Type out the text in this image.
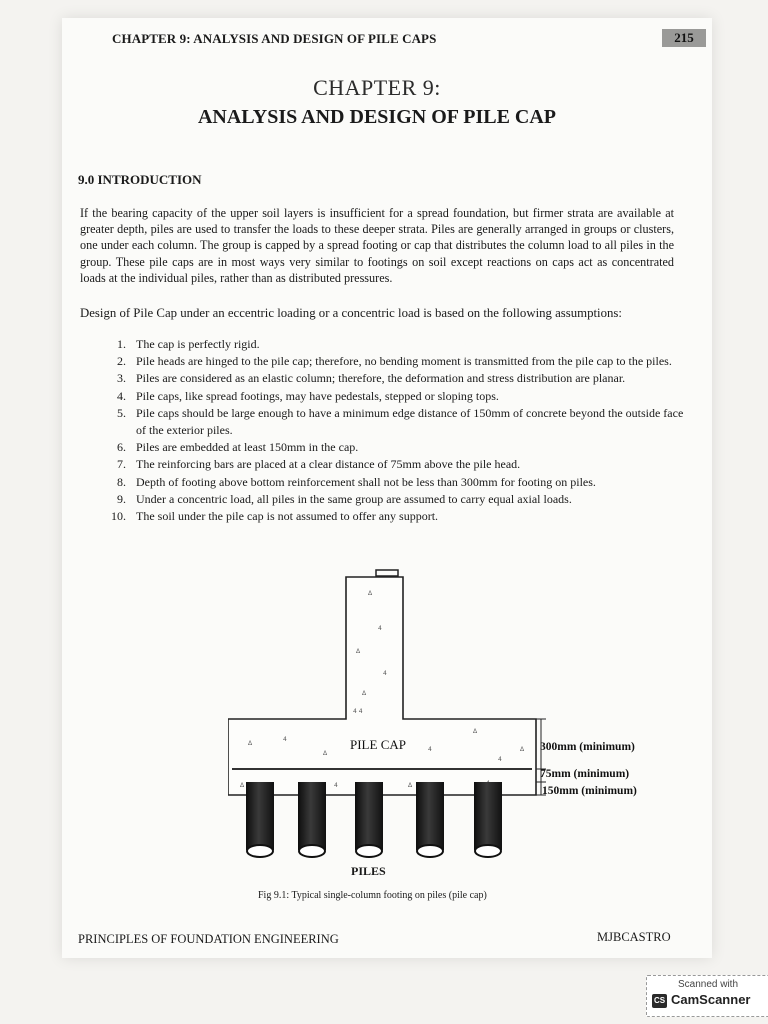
CHAPTER 9: ANALYSIS AND DESIGN OF PILE CAPS	215
CHAPTER 9:
ANALYSIS AND DESIGN OF PILE CAP
9.0 INTRODUCTION

If the bearing capacity of the upper soil layers is insufficient for a spread foundation, but firmer strata are available at greater depth, piles are used to transfer the loads to these deeper strata. Piles are generally arranged in groups or clusters, one under each column. The group is capped by a spread footing or cap that distributes the column load to all piles in the group. These pile caps are in most ways very similar to footings on soil except reactions on caps act as concentrated loads at the individual piles, rather than as distributed pressures.

Design of Pile Cap under an eccentric loading or a concentric load is based on the following assumptions:

1. The cap is perfectly rigid.
2. Pile heads are hinged to the pile cap; therefore, no bending moment is transmitted from the pile cap to the piles.
3. Piles are considered as an elastic column; therefore, the deformation and stress distribution are planar.
4. Pile caps, like spread footings, may have pedestals, stepped or sloping tops.
5. Pile caps should be large enough to have a minimum edge distance of 150mm of concrete beyond the outside face of the exterior piles.
6. Piles are embedded at least 150mm in the cap.
7. The reinforcing bars are placed at a clear distance of 75mm above the pile head.
8. Depth of footing above bottom reinforcement shall not be less than 300mm for footing on piles.
9. Under a concentric load, all piles in the same group are assumed to carry equal axial loads.
10. The soil under the pile cap is not assumed to offer any support.
Δ
4
Δ
4
Δ
4 4
Δ
4
Δ
4
Δ
4
Δ	4	Δ
Δ
PILE CAP	300mm (minimum)
75mm (minimum)
150mm (minimum)
PILES
Fig 9.1: Typical single-column footing on piles (pile cap)
PRINCIPLES OF FOUNDATION ENGINEERING	MJBCASTRO
Scanned with
CS CamScanner
